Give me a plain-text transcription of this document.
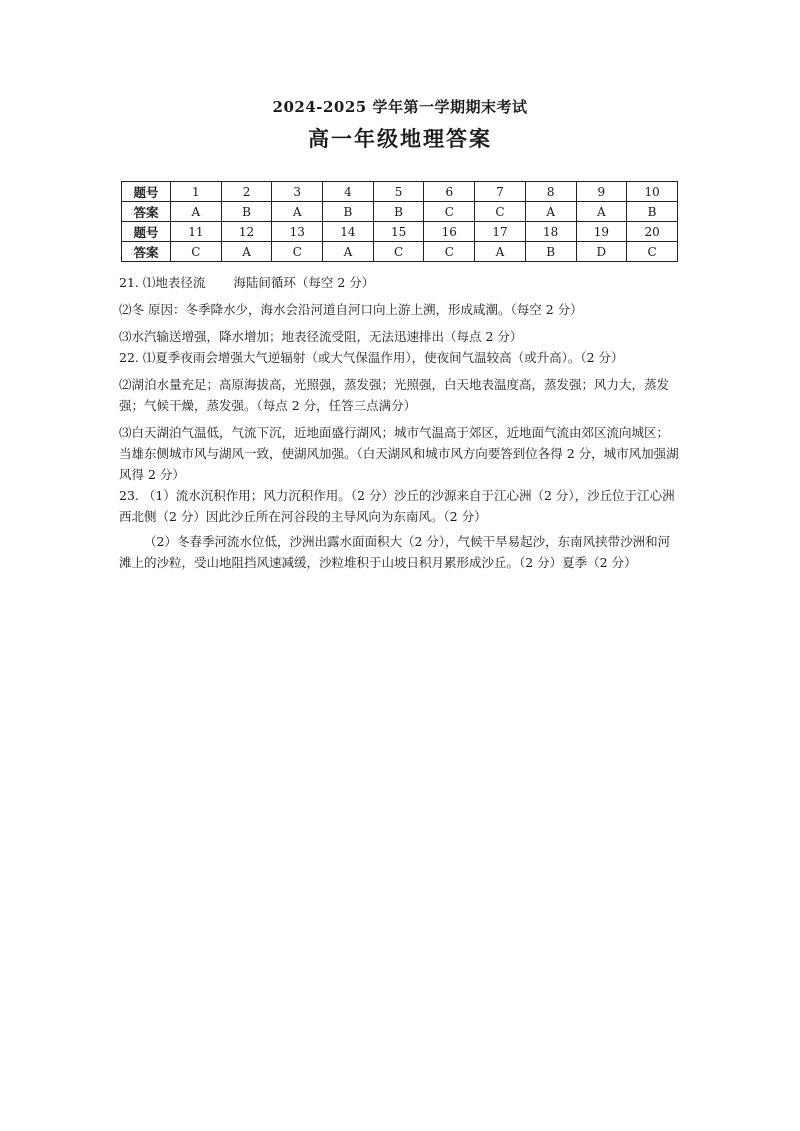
2024-2025 学年第一学期期末考试
高一年级地理答案
题号	1	2	3	4	5	6	7	8	9	10
答案	A	B	A	B	B	C	C	A	A	B
题号	11	12	13	14	15	16	17	18	19	20
答案	C	A	C	A	C	C	A	B	D	C

21. ⑴地表径流 海陆间循环（每空 2 分）

⑵冬 原因：冬季降水少，海水会沿河道自河口向上游上溯，形成咸潮。（每空 2 分）

⑶水汽输送增强，降水增加；地表径流受阻，无法迅速排出（每点 2 分）

22. ⑴夏季夜雨会增强大气逆辐射（或大气保温作用），使夜间气温较高（或升高）。（2 分）

⑵湖泊水量充足；高原海拔高，光照强，蒸发强；光照强，白天地表温度高，蒸发强；风力大，蒸发强；气候干燥，蒸发强。（每点 2 分，任答三点满分）

⑶白天湖泊气温低，气流下沉，近地面盛行湖风；城市气温高于郊区，近地面气流由郊区流向城区；当雄东侧城市风与湖风一致，使湖风加强。（白天湖风和城市风方向要答到位各得 2 分，城市风加强湖风得 2 分）

23. （1）流水沉积作用；风力沉积作用。（2 分）沙丘的沙源来自于江心洲（2 分），沙丘位于江心洲西北侧（2 分）因此沙丘所在河谷段的主导风向为东南风。（2 分）

（2）冬春季河流水位低，沙洲出露水面面积大（2 分），气候干旱易起沙，东南风挟带沙洲和河滩上的沙粒，受山地阻挡风速减缓，沙粒堆积于山坡日积月累形成沙丘。（2 分）夏季（2 分）
